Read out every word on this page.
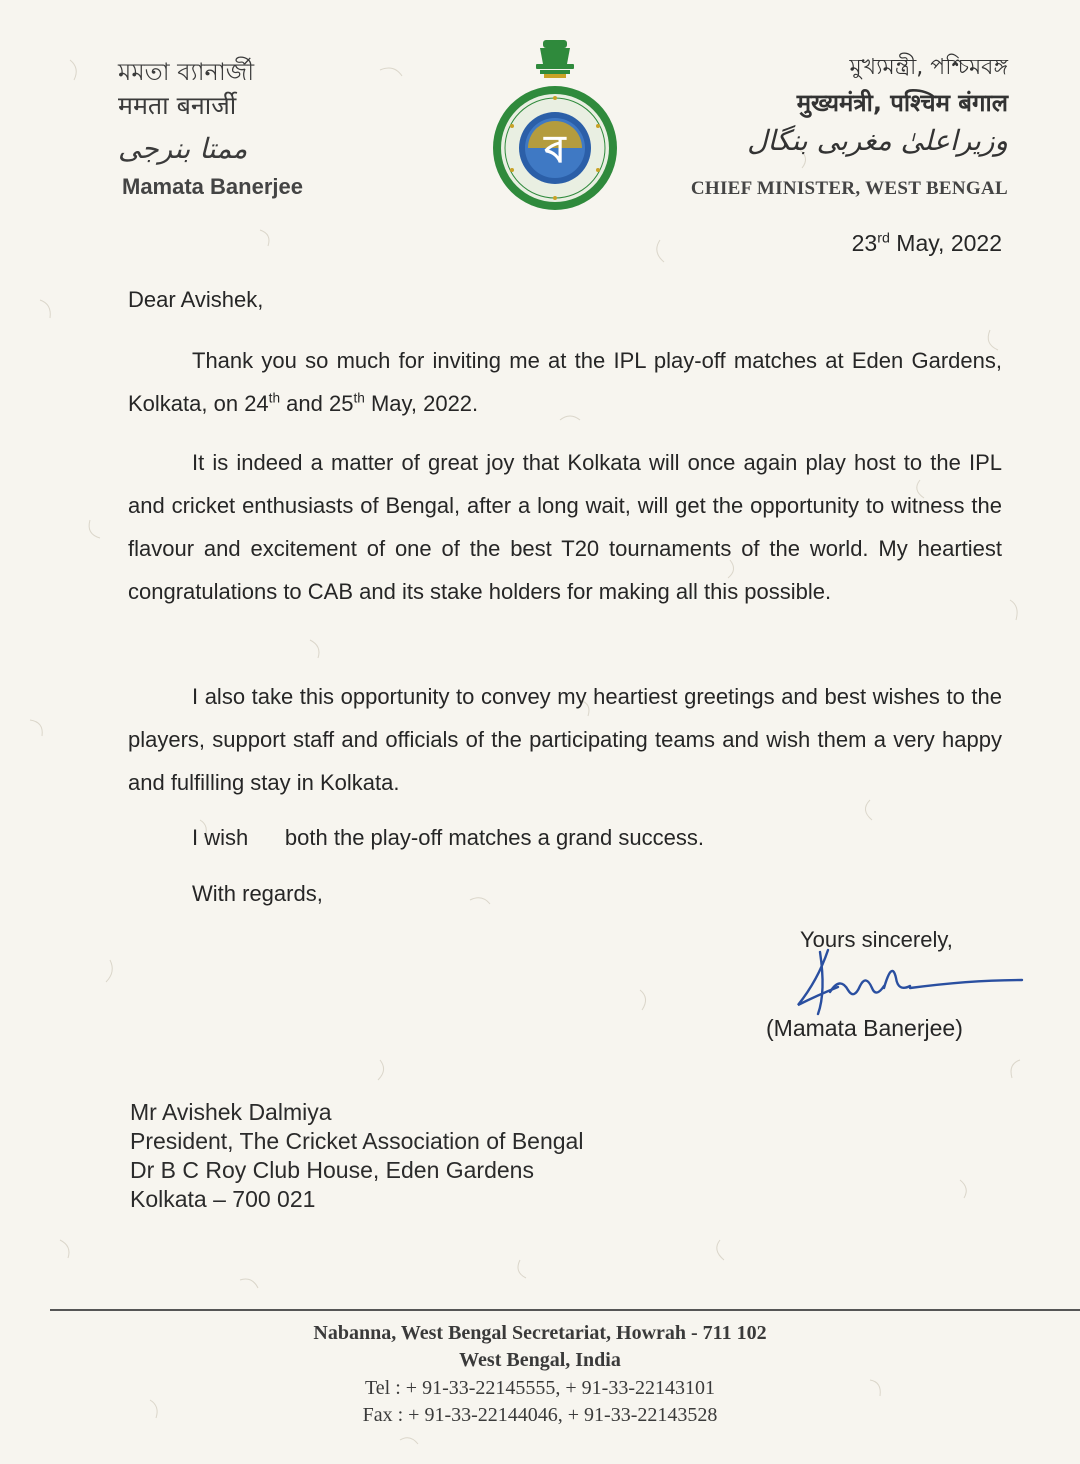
মমতা ব্যানার্জী
ममता बनार्जी
ممتا بنرجی
Mamata Banerjee
ব
মুখ্যমন্ত্রী, পশ্চিমবঙ্গ
मुख्यमंत्री, पश्चिम बंगाल
وزیراعلیٰ مغربی بنگال
CHIEF MINISTER, WEST BENGAL
23rd May, 2022
Dear Avishek,
Thank you so much for inviting me at the IPL play-off matches at Eden Gardens, Kolkata, on 24th and 25th May, 2022.
It is indeed a matter of great joy that Kolkata will once again play host to the IPL and cricket enthusiasts of Bengal, after a long wait, will get the opportunity to witness the flavour and excitement of one of the best T20 tournaments of the world. My heartiest congratulations to CAB and its stake holders for making all this possible.
I also take this opportunity to convey my heartiest greetings and best wishes to the players, support staff and officials of the participating teams and wish them a very happy and fulfilling stay in Kolkata.
I wish      both the play-off matches a grand success.
With regards,
Yours sincerely,
(Mamata Banerjee)
Mr Avishek Dalmiya
President, The Cricket Association of Bengal
Dr B C Roy Club House, Eden Gardens
Kolkata – 700 021
Nabanna, West Bengal Secretariat, Howrah - 711 102
West Bengal, India
Tel : + 91-33-22145555, + 91-33-22143101
Fax : + 91-33-22144046, + 91-33-22143528
